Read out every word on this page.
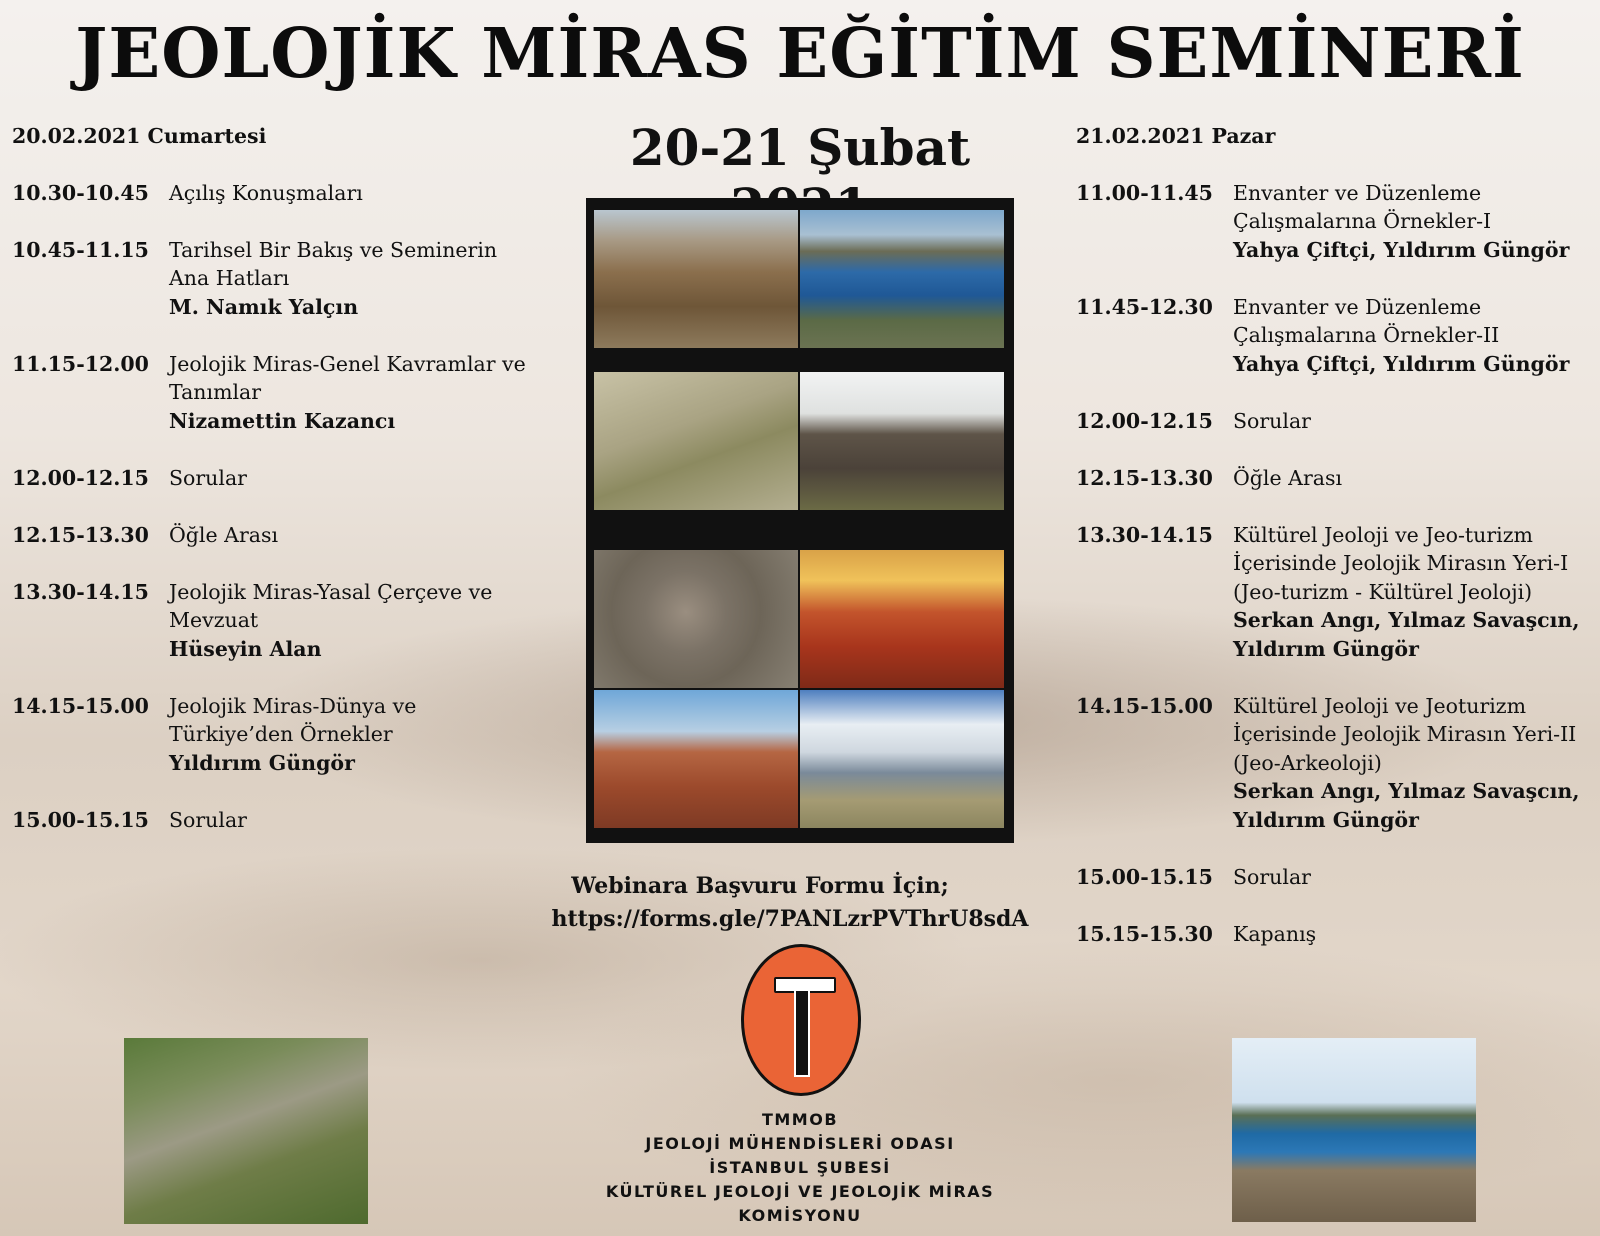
JEOLOJİK MİRAS EĞİTİM SEMİNERİ
20-21 Şubat
20.02.2021 Cumartesi
10.30-10.45 Açılış Konuşmaları
10.45-11.15 Tarihsel Bir Bakış ve Seminerin Ana Hatları
M. Namık Yalçın
11.15-12.00 Jeolojik Miras-Genel Kavramlar ve Tanımlar
Nizamettin Kazancı
12.00-12.15 Sorular
12.15-13.30 Öğle Arası
13.30-14.15 Jeolojik Miras-Yasal Çerçeve ve Mevzuat
Hüseyin Alan
14.15-15.00 Jeolojik Miras-Dünya ve Türkiye’den Örnekler
Yıldırım Güngör
15.00-15.15 Sorular
21.02.2021 Pazar
11.00-11.45 Envanter ve Düzenleme Çalışmalarına Örnekler-I
Yahya Çiftçi, Yıldırım Güngör
11.45-12.30 Envanter ve Düzenleme Çalışmalarına Örnekler-II
Yahya Çiftçi, Yıldırım Güngör
12.00-12.15 Sorular
12.15-13.30 Öğle Arası
13.30-14.15 Kültürel Jeoloji ve Jeo-turizm İçerisinde Jeolojik Mirasın Yeri-I (Jeo-turizm - Kültürel Jeoloji)
Serkan Angı, Yılmaz Savaşcın, Yıldırım Güngör
14.15-15.00 Kültürel Jeoloji ve Jeoturizm İçerisinde Jeolojik Mirasın Yeri-II (Jeo-Arkeoloji)
Serkan Angı, Yılmaz Savaşcın, Yıldırım Güngör
15.00-15.15 Sorular
15.15-15.30 Kapanış
Webinara Başvuru Formu İçin;
https://forms.gle/7PANLzrPVThrU8sdA
TMMOB
JEOLOJİ MÜHENDİSLERİ ODASI
İSTANBUL ŞUBESİ
KÜLTÜREL JEOLOJİ VE JEOLOJİK MİRAS
KOMİSYONU
